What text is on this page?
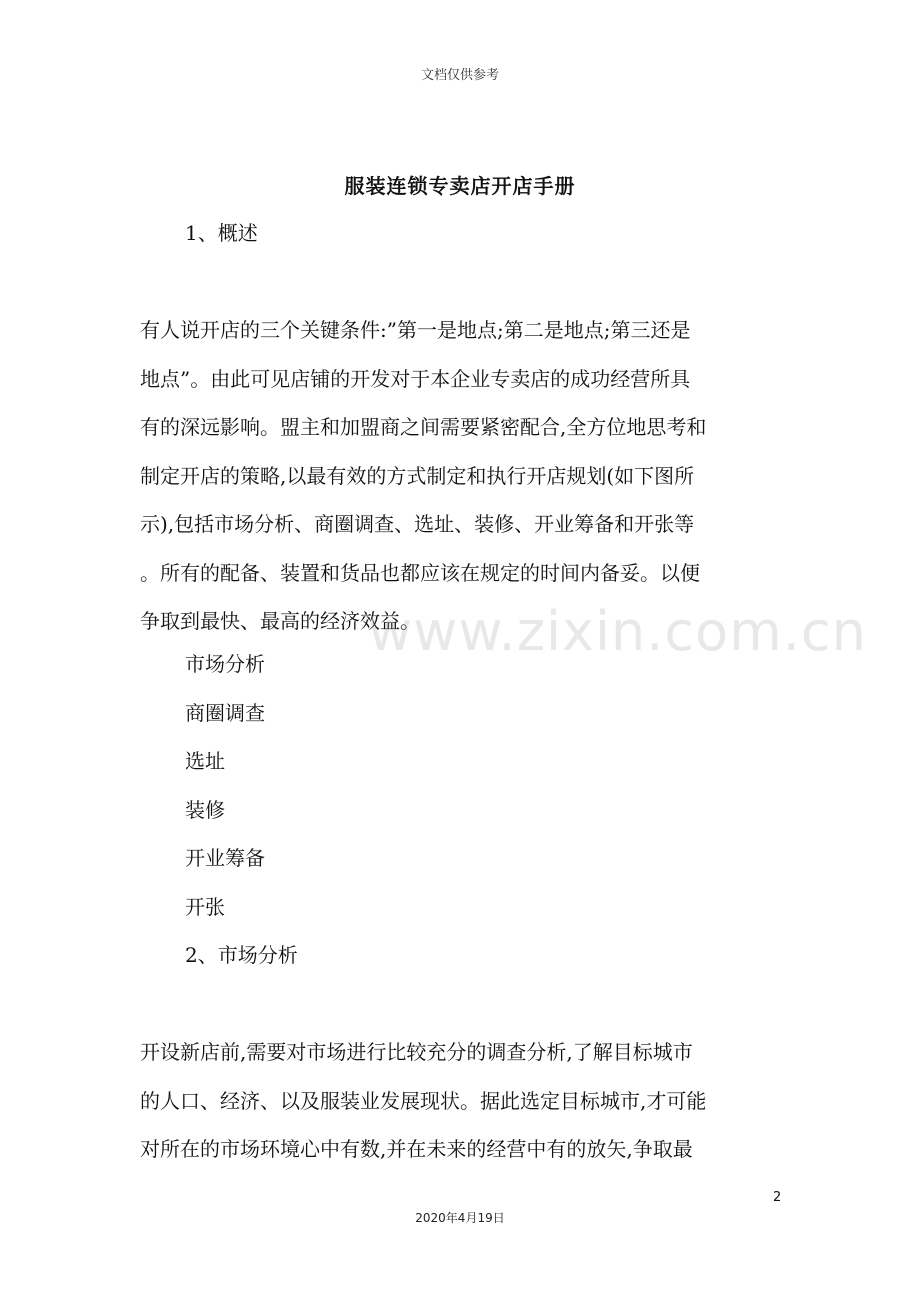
文档仅供参考
服装连锁专卖店开店手册
1、概述
有人说开店的三个关键条件:”第一是地点;第二是地点;第三还是
地点”。由此可见店铺的开发对于本企业专卖店的成功经营所具
有的深远影响。盟主和加盟商之间需要紧密配合,全方位地思考和
制定开店的策略,以最有效的方式制定和执行开店规划(如下图所
示),包括市场分析、商圈调查、选址、装修、开业筹备和开张等
。所有的配备、装置和货品也都应该在规定的时间内备妥。以便
争取到最快、最高的经济效益。
市场分析
商圈调查
选址
装修
开业筹备
开张
2、市场分析
开设新店前,需要对市场进行比较充分的调查分析,了解目标城市
的人口、经济、以及服装业发展现状。据此选定目标城市,才可能
对所在的市场环境心中有数,并在未来的经营中有的放矢,争取最
www.zixin.com.cn
2
2020年4月19日
